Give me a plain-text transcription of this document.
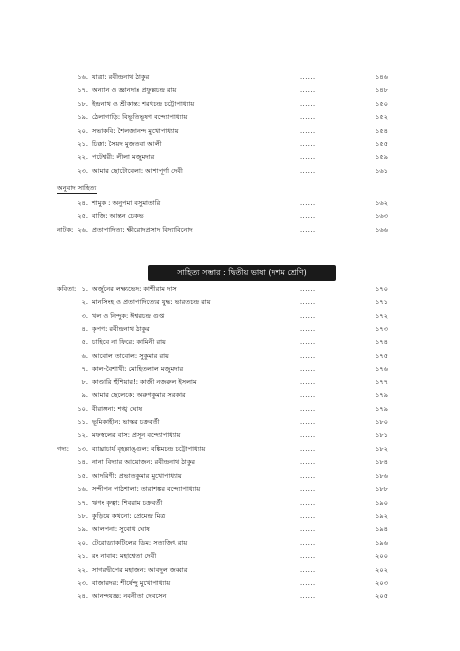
১৬. যাত্রা: রবীন্দ্রনাথ ঠাকুর	......	১৪৬
১৭. অন্যান ও জ্ঞানদাঃ প্রফুল্লচন্দ্র রায়	......	১৪৮
১৮. ইন্দ্রনাথ ও শ্রীকান্ত: শরৎচন্দ্র চট্টোপাধ্যায়	......	১৫০
১৯. ঠেলাগাড়ি: বিভূতিভূষণ বন্দ্যোপাধ্যায়	......	১৫২
২০. সভাকবি: শৈলজানন্দ মুখোপাধ্যায়	......	১৫৪
২১. চিক্কা: সৈয়দ মুজতবা আলী	......	১৫৫
২২. পটেশ্বরী: লীলা মজুমদার	......	১৫৯
২৩. আমার ছোটোবেলা: আশাপূর্ণা দেবী	......	১৬১
অনুবাদ সাহিত্য
২৪. শামুক : অনুপমা বসুমাতারি	......	১৬২
২৫. বাজি: আন্তন চেকভ	......	১৬৩
নাটক: ২৬. প্রতাপাদিত্য: ক্ষীরোদপ্রসাদ বিদ্যাবিনোদ	......	১৬৬
সাহিত্য সম্ভার : দ্বিতীয় ভাষা (দশম শ্রেণি)
কবিতা: ১. অর্জুনের লক্ষ্যভেদ: কাশীরাম দাস	......	১৭০
২. মানসিংহ ও প্রতাপাদিত্যের যুদ্ধ: ভারতচন্দ্র রায়	......	১৭১
৩. খল ও নিন্দুক: ঈশ্বরচন্দ্র গুপ্ত	......	১৭২
৪. কৃপণ: রবীন্দ্রনাথ ঠাকুর	......	১৭৩
৫. চাহিবে না ফিরে: কামিনী রায়	......	১৭৪
৬. আবোল তাবোল: সুকুমার রায়	......	১৭৫
৭. কাল-বৈশাখী: মোহিতলাল মজুমদার	......	১৭৬
৮. কাণ্ডারি হুঁশিয়ার!: কাজী নজরুল ইসলাম	......	১৭৭
৯. আমার ছেলেকে: অরুণকুমার সরকার	......	১৭৯
১০. বীরাঙ্গনা: শঙ্খ ঘোষ	......	১৭৯
১১. ভূমিকাহীন: ভাস্কর চক্রবর্তী	......	১৮০
১২. মফস্বলের বাস: প্রসূন বন্দ্যোপাধ্যায়	......	১৮১
গদ্য:	১৩. ব্যাঘ্রাচার্য বৃহল্লাঙ্গুল: বঙ্কিমচন্দ্র চট্টোপাধ্যায়	......	১৮২
১৪. নানা বিদ্যার আয়োজন: রবীন্দ্রনাথ ঠাকুর	......	১৮৪
১৫. আদরিণী: প্রভাতকুমার মুখোপাধ্যায়	......	১৮৬
১৬. সন্দীপন পাঠশালা: তারাশঙ্কর বন্দ্যোপাধ্যায়	......	১৮৮
১৭. ঋণং কৃত্বা: শিবরাম চক্রবর্তী	......	১৯০
১৮. কুড়িয়ে কথনো: প্রেমেন্দ্র মিত্র	......	১৯২
১৯. আলপনা: সুবোধ ঘোষ	......	১৯৪
২০. টেরোড্যাকটিলের ডিম: সত্যজিৎ রায়	......	১৯৬
২১. রং নাবাব: মহাশ্বেতা দেবী	......	২০০
২২. সাগরদ্বীপের মহাজন: আবদুল জব্বার	......	২০২
২৩. বাজারদর: শীর্ষেন্দু মুখোপাধ্যায়	......	২০৩
২৪. আনন্দযজ্ঞ: নবনীতা দেবসেন	......	২০৫
